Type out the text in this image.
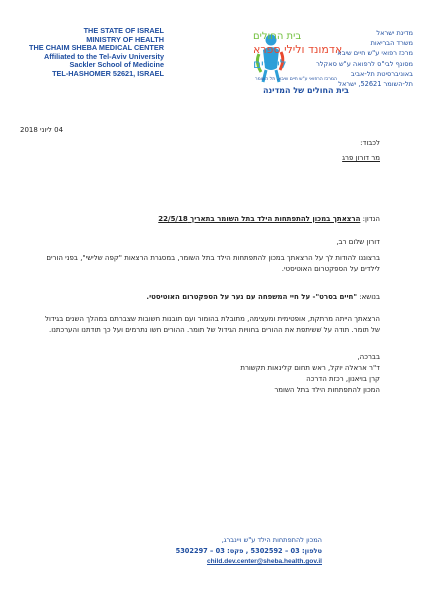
THE STATE OF ISRAEL
MINISTRY OF HEALTH
THE CHAIM SHEBA MEDICAL CENTER
Affiliated to the Tel-Aviv University
Sackler School of Medicine
TEL-HASHOMER 52621, ISRAEL
בית החולים
אדמונד ולילי ספרא
לילדים
המרכז הרפואי ע"ש חיים שיבא, תל השומר
בית החולים של המדינה
מדינת ישראל
משרד הבריאות
מרכז רפואי ע"ש חיים שיבא
מסונף לבי"ס לרפואה ע"ש סאקלר
באוניברסיטת תל-אביב
תל-השומר 52621, ישראל
04 ליוני 2018
לכבוד:
מר דורון פרג
הנדון: הרצאתך במכון להתפתחות הילד בתל השומר בתאריך 22/5/18
דורון שלום רב,
ברצוננו להודות לך על הרצאתך במכון להתפתחות הילד בתל השומר, במסגרת הרצאות "קפה שלישי", בפני הורים לילדים על הספקטרום האוטיסטי.
בנושא: "חיים בסרט"- על חיי המשפחה עם נער על הספקטרום האוטיסטי.
הרצאתך הייתה מרתקת, אופטימית ומעצימה, מתובלת בהומור ועם תובנות חשובות שצברתם במהלך השנים בגידול של תומר. תודה על שׁשיתפת את ההורים בחוויות הגידול של תומר. ההורים חשו נתרמים ועל כך תודתנו והערכתנו.
בברכה,
ד"ר אראלה יוקל, ראש תחום קלינאות תקשורת
קרן בויאנון, רכזת הדרכה
המכון להתפתחות הילד בתל השומר
המכון להתפתחות הילד ע"ש ויינברג,
טלפון: 03 – 5302592 , פקס: 03 – 5302297
child.dev.center@sheba.health.gov.il
